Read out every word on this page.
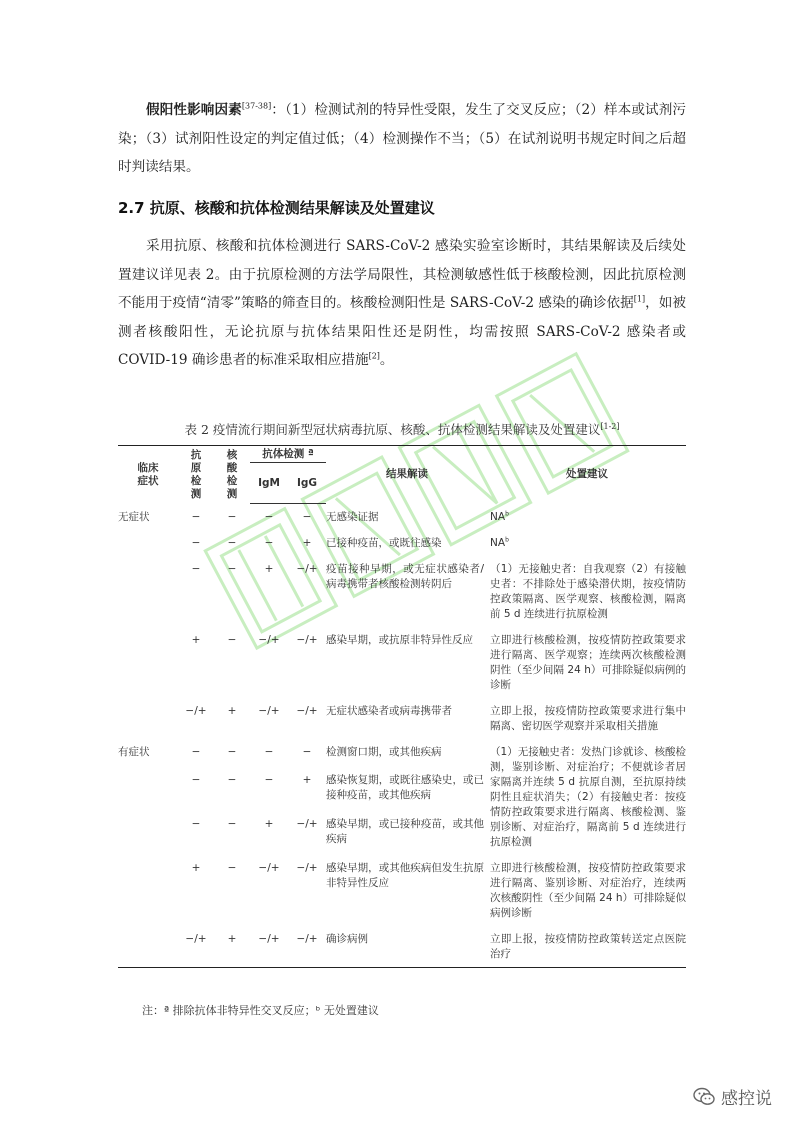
假阳性影响因素[37-38]：（1）检测试剂的特异性受限，发生了交叉反应；（2）样本或试剂污染；（3）试剂阳性设定的判定值过低；（4）检测操作不当；（5）在试剂说明书规定时间之后超时判读结果。

2.7 抗原、核酸和抗体检测结果解读及处置建议

采用抗原、核酸和抗体检测进行 SARS-CoV-2 感染实验室诊断时，其结果解读及后续处置建议详见表 2。由于抗原检测的方法学局限性，其检测敏感性低于核酸检测，因此抗原检测不能用于疫情“清零”策略的筛查目的。核酸检测阳性是 SARS-CoV-2 感染的确诊依据[1]，如被测者核酸阳性，无论抗原与抗体结果阳性还是阴性，均需按照 SARS-CoV-2 感染者或 COVID-19 确诊患者的标准采取相应措施[2]。

表 2 疫情流行期间新型冠状病毒抗原、核酸、抗体检测结果解读及处置建议[1-2]
临床症状	抗原检测	核酸检测	抗体检测 ª		结果解读	处置建议
			IgM	IgG		
无症状	−	−	−	−	无感染证据	$NA^b$
	−	−	−	+	已接种疫苗，或既往感染	$NA^b$
	−	−	+	−/+	疫苗接种早期，或无症状感染者/病毒携带者核酸检测转阴后	（1）无接触史者：自我观察（2）有接触史者：不排除处于感染潜伏期，按疫情防控政策隔离、医学观察、核酸检测，隔离前 5 d 连续进行抗原检测
	+	−	−/+	−/+	感染早期，或抗原非特异性反应	立即进行核酸检测，按疫情防控政策要求进行隔离、医学观察；连续两次核酸检测阴性（至少间隔 24 h）可排除疑似病例的诊断
	−/+	+	−/+	−/+	无症状感染者或病毒携带者	立即上报，按疫情防控政策要求进行集中隔离、密切医学观察并采取相关措施
有症状	−	−	−	−	检测窗口期，或其他疾病	（1）无接触史者：发热门诊就诊、核酸检测，鉴别诊断、对症治疗；不便就诊者居家隔离并连续 5 d 抗原自测，至抗原持续阴性且症状消失；（2）有接触史者：按疫情防控政策要求进行隔离、核酸检测、鉴别诊断、对症治疗，隔离前 5 d 连续进行抗原检测
	−	−	−	+	感染恢复期，或既往感染史，或已接种疫苗，或其他疾病	
	−	−	+	−/+	感染早期，或已接种疫苗，或其他疾病	
	+	−	−/+	−/+	感染早期，或其他疾病但发生抗原非特异性反应	立即进行核酸检测，按疫情防控政策要求进行隔离、鉴别诊断、对症治疗，连续两次核酸阴性（至少间隔 24 h）可排除疑似病例诊断
	−/+	+	−/+	−/+	确诊病例	立即上报，按疫情防控政策转送定点医院治疗
注：ª 排除抗体非特异性交叉反应；ᵇ 无处置建议
感控说
